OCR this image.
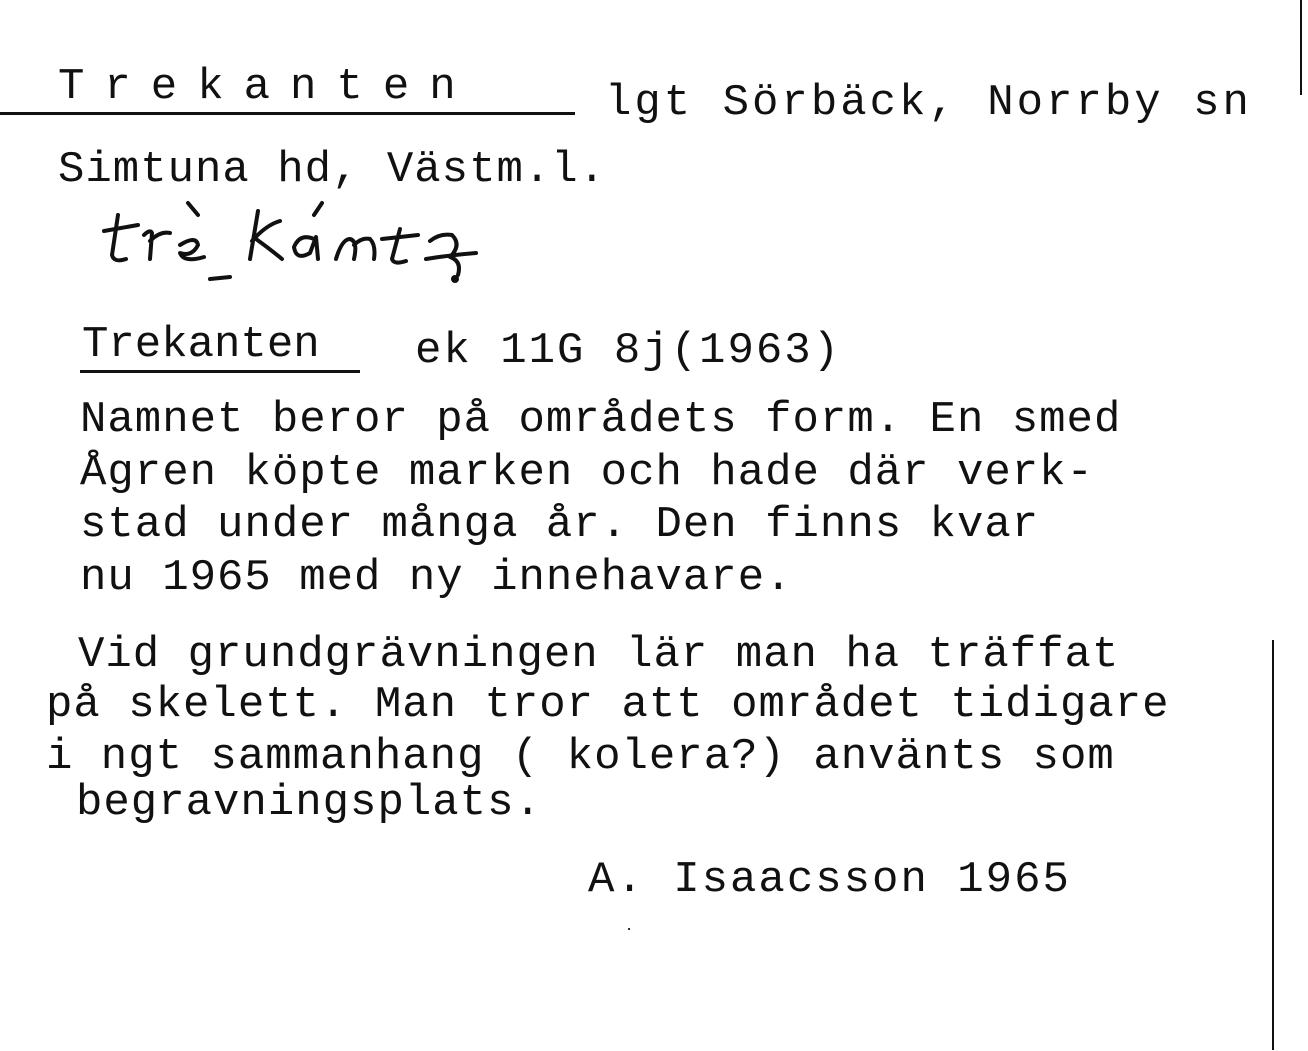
Trekanten	lgt Sörbäck, Norrby sn
Simtuna hd, Västm.l.
Trekanten ek 11G 8j(1963)
Namnet beror på områdets form. En smed
Ågren köpte marken och hade där verk-
stad under många år. Den finns kvar
nu 1965 med ny innehavare.
Vid grundgrävningen lär man ha träffat
på skelett. Man tror att området tidigare
i ngt sammanhang ( kolera?) använts som
begravningsplats.
A. Isaacsson 1965
